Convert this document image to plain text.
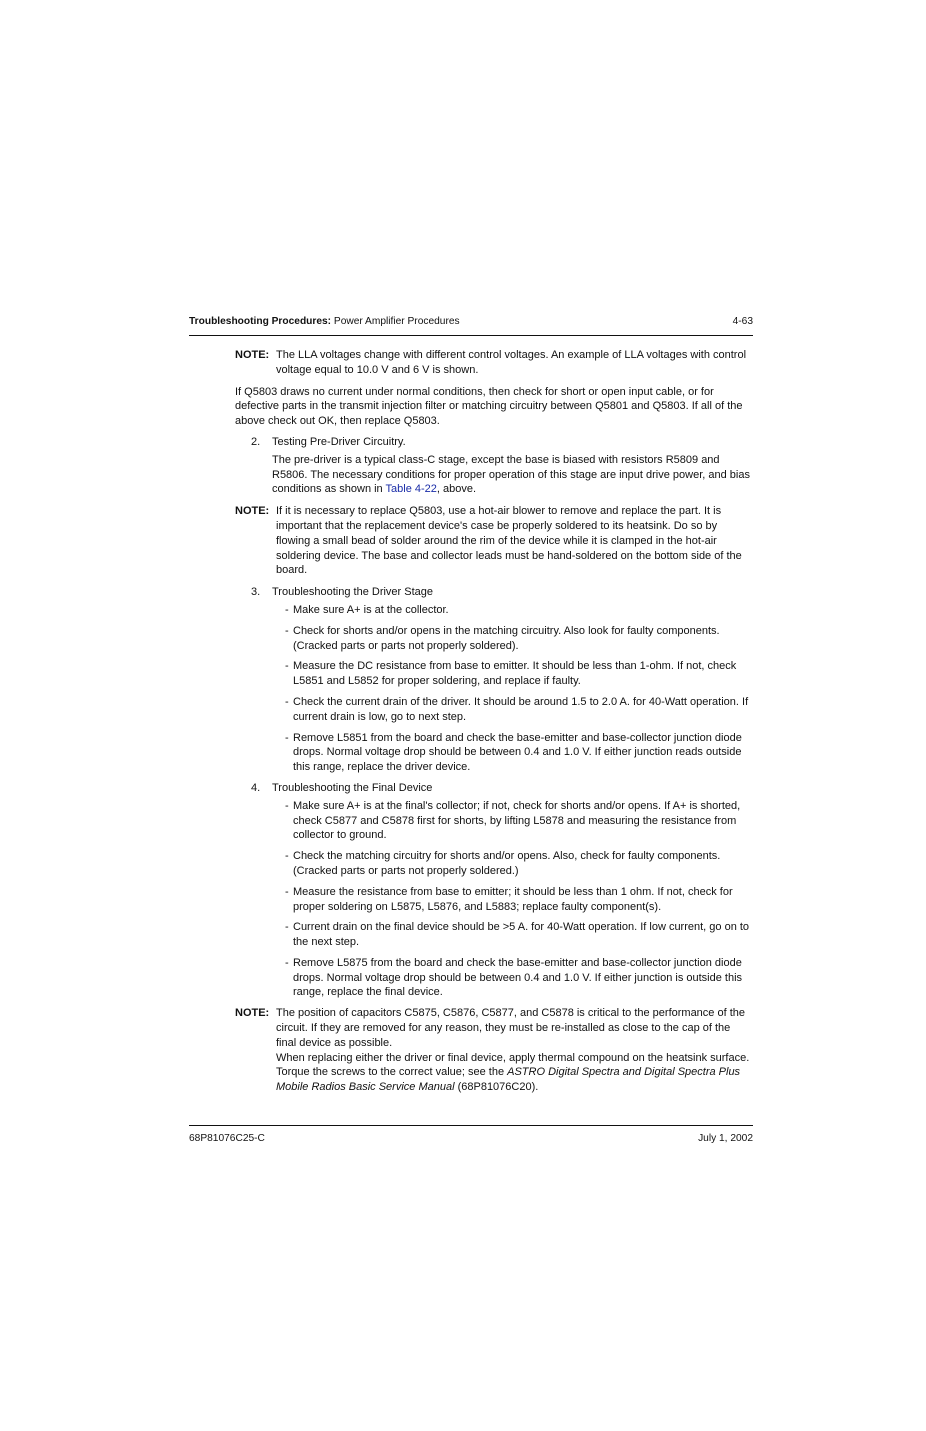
Troubleshooting Procedures: Power Amplifier Procedures	4-63
NOTE: The LLA voltages change with different control voltages. An example of LLA voltages with control voltage equal to 10.0 V and 6 V is shown.

If Q5803 draws no current under normal conditions, then check for short or open input cable, or for defective parts in the transmit injection filter or matching circuitry between Q5801 and Q5803. If all of the above check out OK, then replace Q5803.

2.	Testing Pre-Driver Circuitry.
The pre-driver is a typical class-C stage, except the base is biased with resistors R5809 and R5806. The necessary conditions for proper operation of this stage are input drive power, and bias conditions as shown in Table 4-22, above.
NOTE: If it is necessary to replace Q5803, use a hot-air blower to remove and replace the part. It is important that the replacement device's case be properly soldered to its heatsink. Do so by flowing a small bead of solder around the rim of the device while it is clamped in the hot-air soldering device. The base and collector leads must be hand-soldered on the bottom side of the board.
3.	Troubleshooting the Driver Stage
- Make sure A+ is at the collector.
- Check for shorts and/or opens in the matching circuitry. Also look for faulty components. (Cracked parts or parts not properly soldered).
- Measure the DC resistance from base to emitter. It should be less than 1-ohm. If not, check L5851 and L5852 for proper soldering, and replace if faulty.
- Check the current drain of the driver. It should be around 1.5 to 2.0 A. for 40-Watt operation. If current drain is low, go to next step.
- Remove L5851 from the board and check the base-emitter and base-collector junction diode drops. Normal voltage drop should be between 0.4 and 1.0 V. If either junction reads outside this range, replace the driver device.
4.	Troubleshooting the Final Device
- Make sure A+ is at the final's collector; if not, check for shorts and/or opens. If A+ is shorted, check C5877 and C5878 first for shorts, by lifting L5878 and measuring the resistance from collector to ground.
- Check the matching circuitry for shorts and/or opens. Also, check for faulty components. (Cracked parts or parts not properly soldered.)
- Measure the resistance from base to emitter; it should be less than 1 ohm. If not, check for proper soldering on L5875, L5876, and L5883; replace faulty component(s).
- Current drain on the final device should be >5 A. for 40-Watt operation. If low current, go on to the next step.
- Remove L5875 from the board and check the base-emitter and base-collector junction diode drops. Normal voltage drop should be between 0.4 and 1.0 V. If either junction is outside this range, replace the final device.
NOTE: The position of capacitors C5875, C5876, C5877, and C5878 is critical to the performance of the circuit. If they are removed for any reason, they must be re-installed as close to the cap of the final device as possible.

When replacing either the driver or final device, apply thermal compound on the heatsink surface. Torque the screws to the correct value; see the ASTRO Digital Spectra and Digital Spectra Plus Mobile Radios Basic Service Manual (68P81076C20).

68P81076C25-C	July 1, 2002
